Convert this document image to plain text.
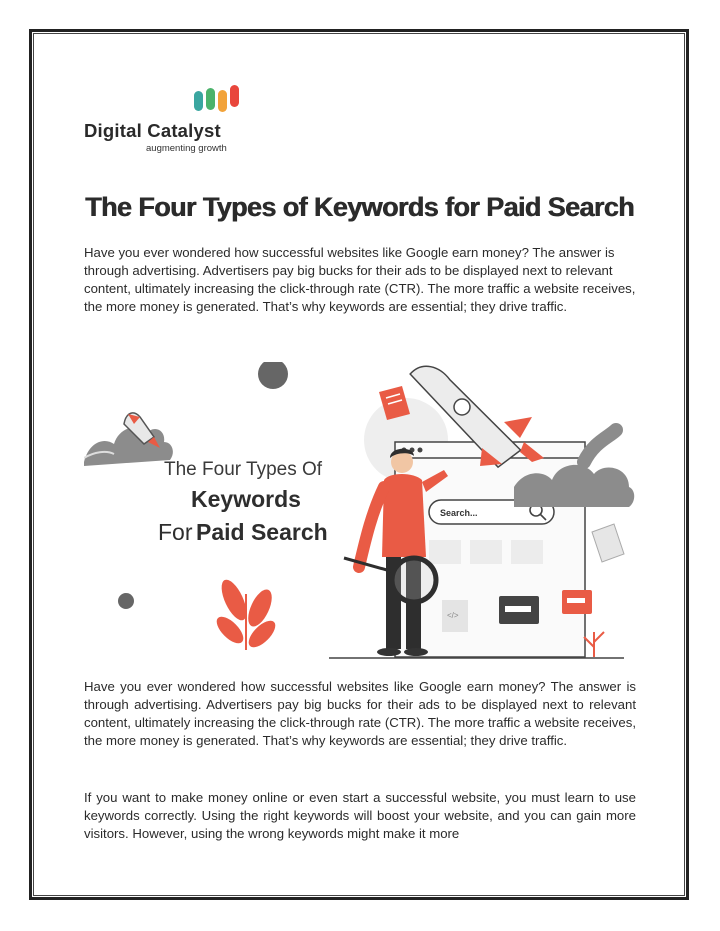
Digital Catalyst
augmenting growth
The Four Types of Keywords for Paid Search

Have you ever wondered how successful websites like Google earn money? The answer is through advertising. Advertisers pay big bucks for their ads to be displayed next to relevant content, ultimately increasing the click-through rate (CTR). The more traffic a website receives, the more money is generated. That’s why keywords are essential; they drive traffic.

Search...
</>
The Four Types Of
Keywords
For Paid Search

Have you ever wondered how successful websites like Google earn money? The answer is through advertising. Advertisers pay big bucks for their ads to be displayed next to relevant content, ultimately increasing the click-through rate (CTR). The more traffic a website receives, the more money is generated. That’s why keywords are essential; they drive traffic.

If you want to make money online or even start a successful website, you must learn to use keywords correctly. Using the right keywords will boost your website, and you can gain more visitors. However, using the wrong keywords might make it more
